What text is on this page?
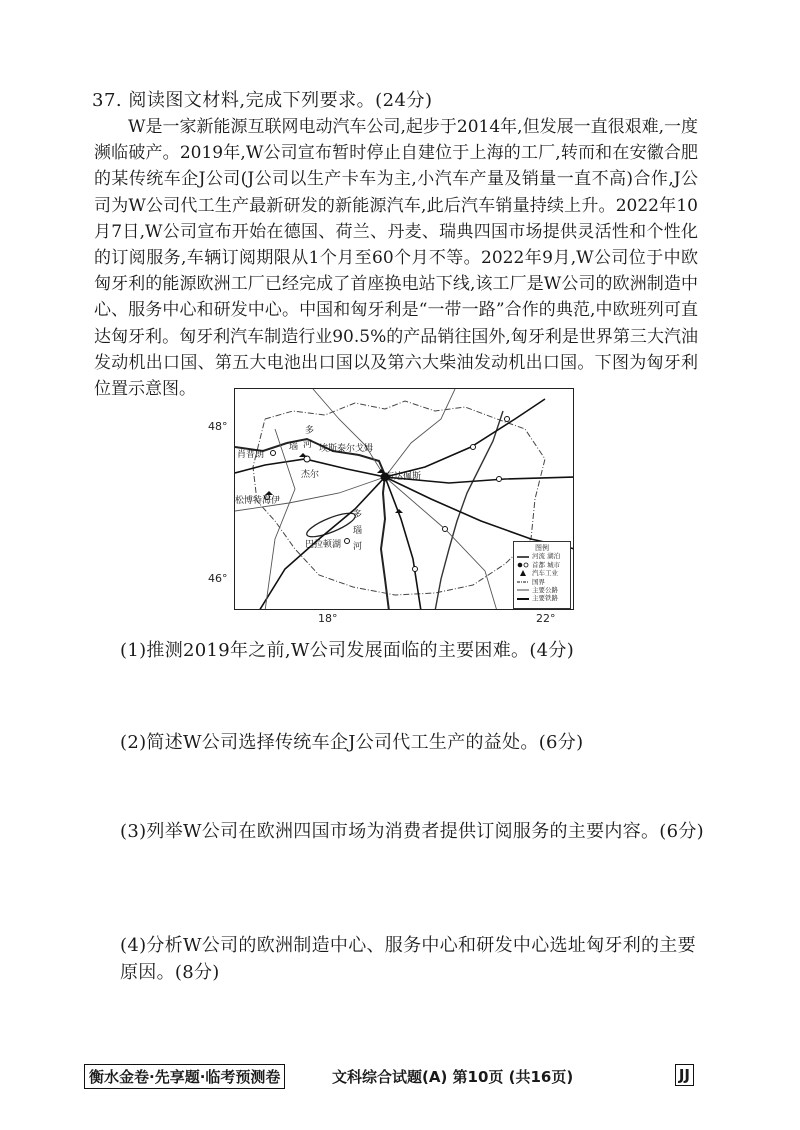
37. 阅读图文材料,完成下列要求。(24分)

W是一家新能源互联网电动汽车公司,起步于2014年,但发展一直很艰难,一度濒临破产。2019年,W公司宣布暂时停止自建位于上海的工厂,转而和在安徽合肥的某传统车企J公司(J公司以生产卡车为主,小汽车产量及销量一直不高)合作,J公司为W公司代工生产最新研发的新能源汽车,此后汽车销量持续上升。2022年10月7日,W公司宣布开始在德国、荷兰、丹麦、瑞典四国市场提供灵活性和个性化的订阅服务,车辆订阅期限从1个月至60个月不等。2022年9月,W公司位于中欧匈牙利的能源欧洲工厂已经完成了首座换电站下线,该工厂是W公司的欧洲制造中心、服务中心和研发中心。中国和匈牙利是“一带一路”合作的典范,中欧班列可直达匈牙利。匈牙利汽车制造行业90.5%的产品销往国外,匈牙利是世界第三大汽油发动机出口国、第五大电池出口国以及第六大柴油发动机出口国。下图为匈牙利位置示意图。

多
瑙 河 埃斯泰尔戈姆
肖普朗
杰尔	布达佩斯
松博特海伊
巴拉顿湖
多
瑙
河	图例
河流 湖泊
首都 城市
汽车工业
国界
主要公路
主要铁路
48°
46°
18°	22°
(1)推测2019年之前,W公司发展面临的主要困难。(4分)
(2)简述W公司选择传统车企J公司代工生产的益处。(6分)
(3)列举W公司在欧洲四国市场为消费者提供订阅服务的主要内容。(6分)
(4)分析W公司的欧洲制造中心、服务中心和研发中心选址匈牙利的主要原因。(8分)
衡水金卷·先享题·临考预测卷	文科综合试题(A) 第10页 (共16页)	JJ
